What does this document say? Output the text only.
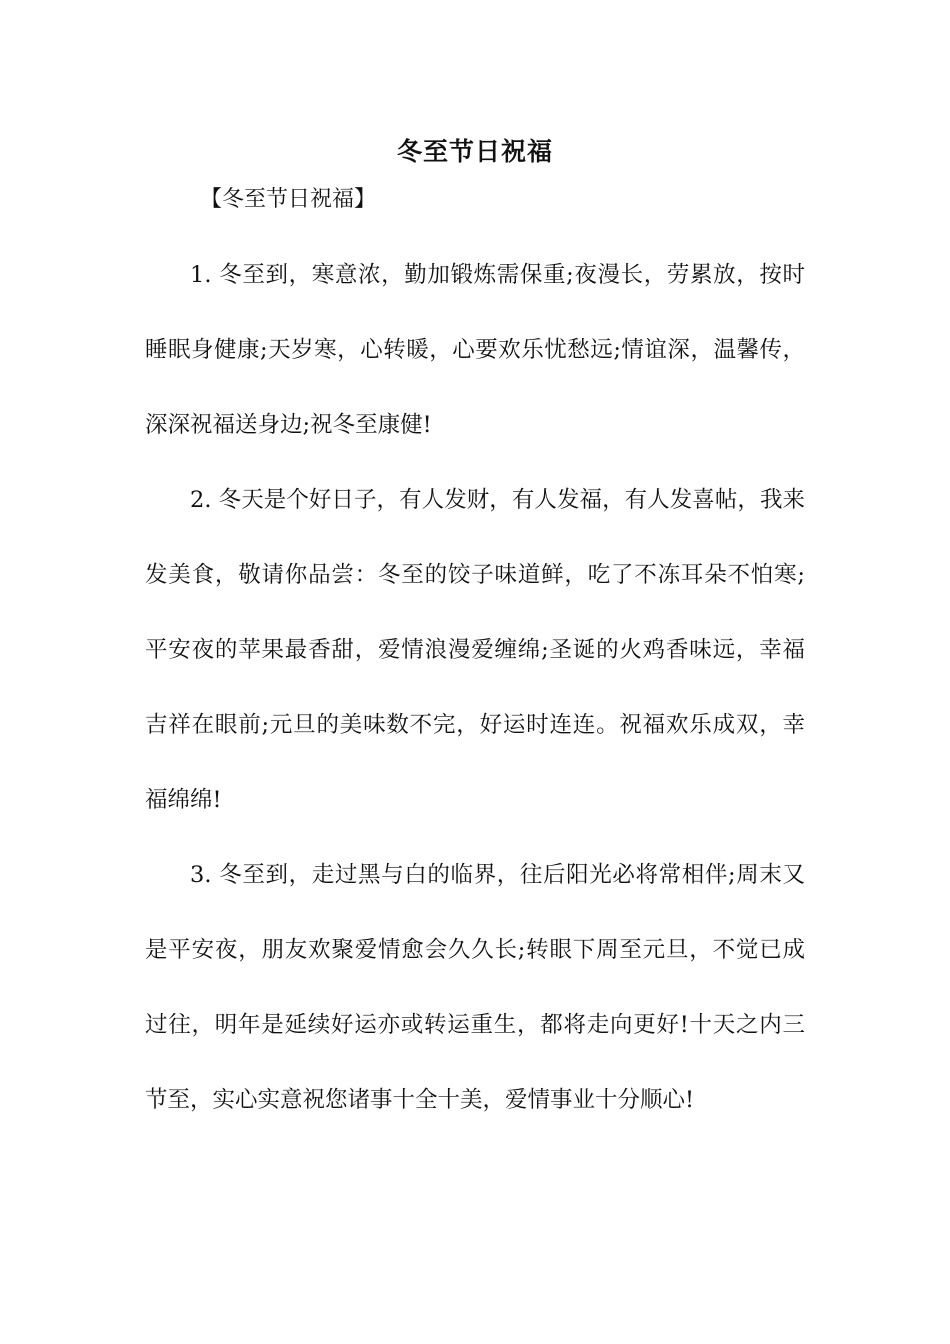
冬至节日祝福
【冬至节日祝福】

1. 冬至到，寒意浓，勤加锻炼需保重;夜漫长，劳累放，按时睡眠身健康;天岁寒，心转暖，心要欢乐忧愁远;情谊深，温馨传，深深祝福送身边;祝冬至康健!

2. 冬天是个好日子，有人发财，有人发福，有人发喜帖，我来发美食，敬请你品尝：冬至的饺子味道鲜，吃了不冻耳朵不怕寒;平安夜的苹果最香甜，爱情浪漫爱缠绵;圣诞的火鸡香味远，幸福吉祥在眼前;元旦的美味数不完，好运时连连。祝福欢乐成双，幸福绵绵!

3. 冬至到，走过黑与白的临界，往后阳光必将常相伴;周末又是平安夜，朋友欢聚爱情愈会久久长;转眼下周至元旦，不觉已成过往，明年是延续好运亦或转运重生，都将走向更好!十天之内三节至，实心实意祝您诸事十全十美，爱情事业十分顺心!
